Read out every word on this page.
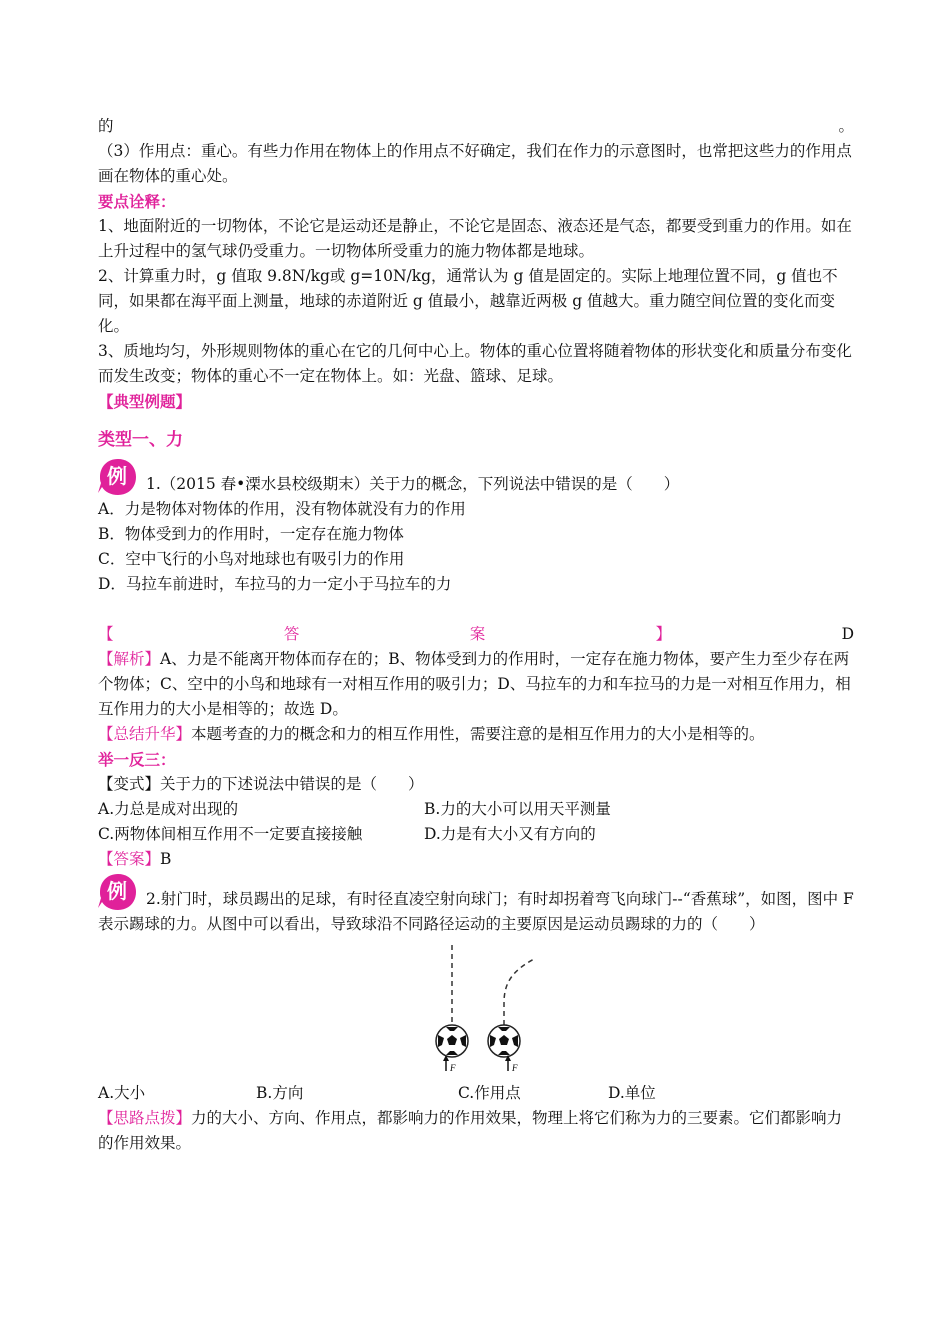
的	。

（3）作用点：重心。有些力作用在物体上的作用点不好确定，我们在作力的示意图时，也常把这些力的作用点画在物体的重心处。

要点诠释：

1、地面附近的一切物体，不论它是运动还是静止，不论它是固态、液态还是气态，都要受到重力的作用。如在上升过程中的氢气球仍受重力。一切物体所受重力的施力物体都是地球。

2、计算重力时，g 值取 9.8N/kg或 g=10N/kg，通常认为 g 值是固定的。实际上地理位置不同，g 值也不同，如果都在海平面上测量，地球的赤道附近 g 值最小，越靠近两极 g 值越大。重力随空间位置的变化而变化。

3、质地均匀，外形规则物体的重心在它的几何中心上。物体的重心位置将随着物体的形状变化和质量分布变化而发生改变；物体的重心不一定在物体上。如：光盘、篮球、足球。

【典型例题】

类型一、力

例 1.（2015 春•溧水县校级期末）关于力的概念，下列说法中错误的是（　　）

A．力是物体对物体的作用，没有物体就没有力的作用

B．物体受到力的作用时，一定存在施力物体

C．空中飞行的小鸟对地球也有吸引力的作用

D．马拉车前进时，车拉马的力一定小于马拉车的力

【	答	案	】	D

【解析】A、力是不能离开物体而存在的；B、物体受到力的作用时，一定存在施力物体，要产生力至少存在两个物体；C、空中的小鸟和地球有一对相互作用的吸引力；D、马拉车的力和车拉马的力是一对相互作用力，相互作用力的大小是相等的；故选 D。

【总结升华】本题考查的力的概念和力的相互作用性，需要注意的是相互作用力的大小是相等的。

举一反三：

【变式】关于力的下述说法中错误的是（　　）

A.力总是成对出现的	B.力的大小可以用天平测量
C.两物体间相互作用不一定要直接接触	D.力是有大小又有方向的

【答案】B

例 2.射门时，球员踢出的足球，有时径直凌空射向球门；有时却拐着弯飞向球门--“香蕉球”，如图，图中 F 表示踢球的力。从图中可以看出，导致球沿不同路径运动的主要原因是运动员踢球的力的（　　）

F	F
A.大小	B.方向	C.作用点	D.单位

【思路点拨】力的大小、方向、作用点，都影响力的作用效果，物理上将它们称为力的三要素。它们都影响力的作用效果。
